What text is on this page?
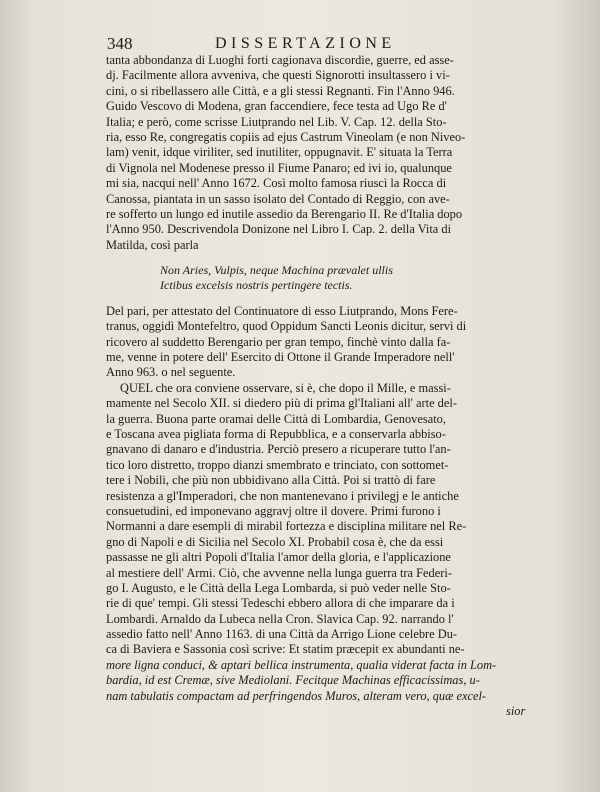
348	DISSERTAZIONE
tanta abbondanza di Luoghi forti cagionava discordie, guerre, ed asse-
dj. Facilmente allora avveniva, che questi Signorotti insultassero i vi-
cini, o si ribellassero alle Città, e a gli stessi Regnanti. Fin l'Anno 946.
Guido Vescovo di Modena, gran faccendiere, fece testa ad Ugo Re d'
Italia; e però, come scrisse Liutprando nel Lib. V. Cap. 12. della Sto-
ria, esso Re, congregatis copiis ad ejus Castrum Vineolam (e non Niveo-
lam) venit, idque viriliter, sed inutiliter, oppugnavit. E' situata la Terra
di Vignola nel Modenese presso il Fiume Panaro; ed ivi io, qualunque
mi sia, nacqui nell' Anno 1672. Così molto famosa riuscì la Rocca di
Canossa, piantata in un sasso isolato del Contado di Reggio, con ave-
re sofferto un lungo ed inutile assedio da Berengario II. Re d'Italia dopo
l'Anno 950. Descrivendola Donizone nel Libro I. Cap. 2. della Vita di
Matilda, così parla
Non Aries, Vulpis, neque Machina prævalet ullis
Ictibus excelsis nostris pertingere tectis.
Del pari, per attestato del Continuatore di esso Liutprando, Mons Fere-
tranus, oggidì Montefeltro, quod Oppidum Sancti Leonis dicitur, servì di
ricovero al suddetto Berengario per gran tempo, finchè vinto dalla fa-
me, venne in potere dell' Esercito di Ottone il Grande Imperadore nell'
Anno 963. o nel seguente.
QUEL che ora conviene osservare, si è, che dopo il Mille, e massi-
mamente nel Secolo XII. si diedero più di prima gl'Italiani all' arte del-
la guerra. Buona parte oramai delle Città di Lombardia, Genovesato,
e Toscana avea pigliata forma di Repubblica, e a conservarla abbiso-
gnavano di danaro e d'industria. Perciò presero a ricuperare tutto l'an-
tico loro distretto, troppo dianzi smembrato e trinciato, con sottomet-
tere i Nobili, che più non ubbidivano alla Città. Poi si trattò di fare
resistenza a gl'Imperadori, che non mantenevano i privilegj e le antiche
consuetudini, ed imponevano aggravj oltre il dovere. Primi furono i
Normanni a dare esempli di mirabil fortezza e disciplina militare nel Re-
gno di Napoli e di Sicilia nel Secolo XI. Probabil cosa è, che da essi
passasse ne gli altri Popoli d'Italia l'amor della gloria, e l'applicazione
al mestiere dell' Armi. Ciò, che avvenne nella lunga guerra tra Federi-
go I. Augusto, e le Città della Lega Lombarda, si può veder nelle Sto-
rie di que' tempi. Gli stessi Tedeschi ebbero allora di che imparare da i
Lombardi. Arnaldo da Lubeca nella Cron. Slavica Cap. 92. narrando l'
assedio fatto nell' Anno 1163. di una Città da Arrigo Lione celebre Du-
ca di Baviera e Sassonia così scrive: Et statim præcepit ex abundanti ne-
more ligna conduci, & aptari bellica instrumenta, qualia viderat facta in Lom-
bardia, id est Cremæ, sive Mediolani. Fecitque Machinas efficacissimas, u-
nam tabulatis compactam ad perfringendos Muros, alteram vero, quæ excel-
sior
